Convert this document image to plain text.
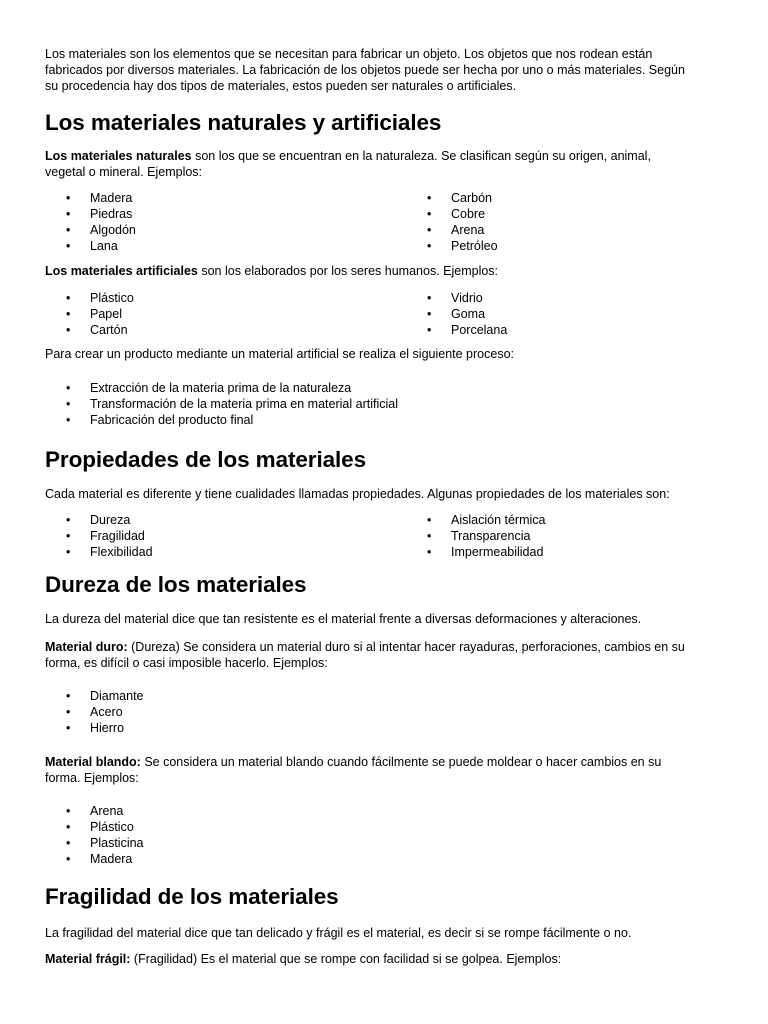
Los materiales son los elementos que se necesitan para fabricar un objeto. Los objetos que nos rodean están
fabricados por diversos materiales. La fabricación de los objetos puede ser hecha por uno o más materiales. Según
su procedencia hay dos tipos de materiales, estos pueden ser naturales o artificiales.
Los materiales naturales y artificiales
Los materiales naturales son los que se encuentran en la naturaleza. Se clasifican según su origen, animal,
vegetal o mineral. Ejemplos:
• Madera
• Piedras
• Algodón
• Lana
• Carbón
• Cobre
• Arena
• Petróleo
Los materiales artificiales son los elaborados por los seres humanos. Ejemplos:
• Plástico
• Papel
• Cartón
• Vidrio
• Goma
• Porcelana
Para crear un producto mediante un material artificial se realiza el siguiente proceso:
• Extracción de la materia prima de la naturaleza
• Transformación de la materia prima en material artificial
• Fabricación del producto final
Propiedades de los materiales
Cada material es diferente y tiene cualidades llamadas propiedades. Algunas propiedades de los materiales son:
• Dureza
• Fragilidad
• Flexibilidad
• Aislación térmica
• Transparencia
• Impermeabilidad
Dureza de los materiales
La dureza del material dice que tan resistente es el material frente a diversas deformaciones y alteraciones.
Material duro: (Dureza) Se considera un material duro si al intentar hacer rayaduras, perforaciones, cambios en su
forma, es difícil o casi imposible hacerlo. Ejemplos:
• Diamante
• Acero
• Hierro
Material blando: Se considera un material blando cuando fácilmente se puede moldear o hacer cambios en su
forma. Ejemplos:
• Arena
• Plástico
• Plasticina
• Madera
Fragilidad de los materiales
La fragilidad del material dice que tan delicado y frágil es el material, es decir si se rompe fácilmente o no.
Material frágil: (Fragilidad) Es el material que se rompe con facilidad si se golpea. Ejemplos:
